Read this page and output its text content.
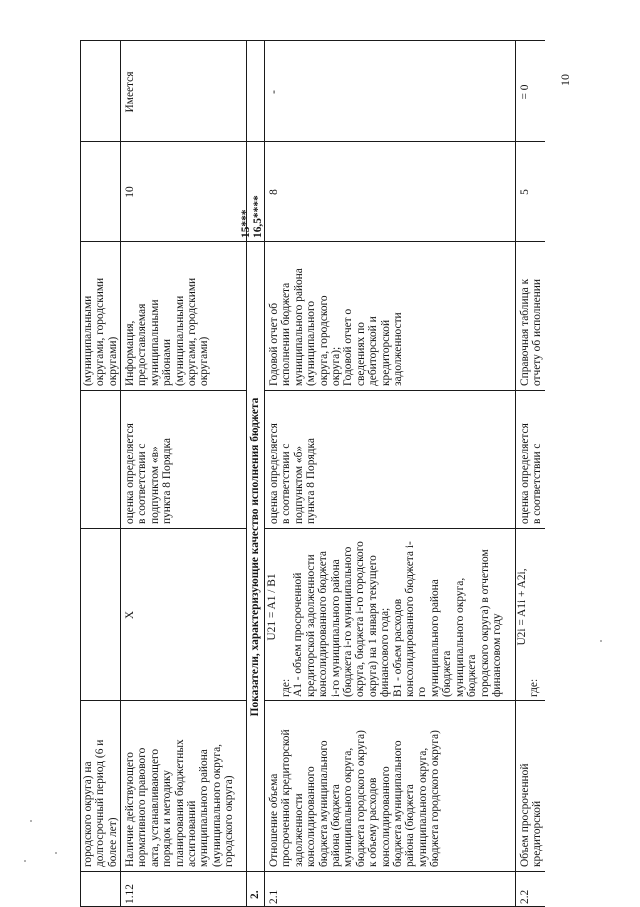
городского округа) на
долгосрочный период (6 и
более лет)
(муниципальными
округами, городскими
округами)
1.12
Наличие действующего
нормативного правового
акта, устанавливающего
порядок и методику
планирования бюджетных
ассигнований
муниципального района
(муниципального округа,
городского округа)
X
Информация,
предоставляемая
муниципальными
районами
(муниципальными
округами, городскими
округами)
оценка определяется
в соответствии с
подпунктом «в»
пункта 8 Порядка
10
Имеется
2.
Показатели, характеризующие качество исполнения бюджета
15***
16,5****
2.1
Отношение объема
просроченной кредиторской
задолженности
консолидированного
бюджета муниципального
района (бюджета
муниципального округа,
бюджета городского округа)
к объему расходов
консолидированного
бюджета муниципального
района (бюджета
муниципального округа,
бюджета городского округа)
U21 = A1 / B1
где:
A1 - объем просроченной
кредиторской задолженности
консолидированного бюджета
i-го муниципального района
(бюджета i-го муниципального
округа, бюджета i-го городского
округа) на 1 января текущего
финансового года;
B1 - объем расходов
консолидированного бюджета i-го
муниципального района (бюджета
муниципального округа, бюджета
городского округа) в отчетном
финансовом году
Годовой отчет об
исполнении бюджета
муниципального района
(муниципального
округа, городского
округа);
Годовой отчет о
сведениях по
дебиторской и
кредиторской
задолженности
оценка определяется
в соответствии с
подпунктом «б»
пункта 8 Порядка
8
-
2.2
Объем просроченной
кредиторской
U2i = A1i + A2i,
где:
Справочная таблица к
отчету об исполнении
оценка определяется
в соответствии с
5
= 0
10
